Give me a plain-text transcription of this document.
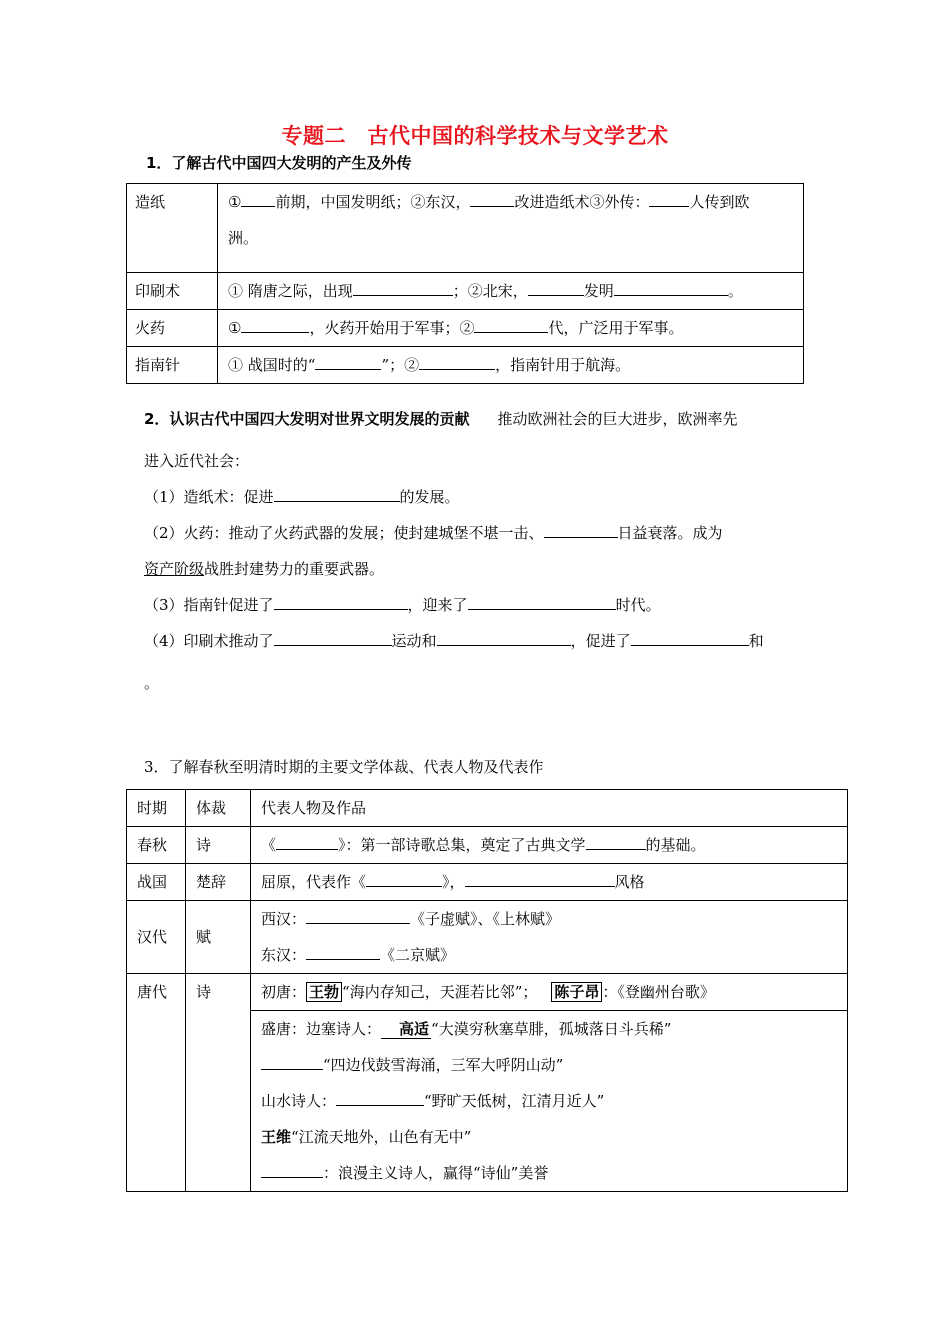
专题二　古代中国的科学技术与文学艺术
1．了解古代中国四大发明的产生及外传
造纸	① 前期，中国发明纸；②东汉， 改进造纸术③外传： 人传到欧
洲。
印刷术	① 隋唐之际，出现 ；②北宋， 发明 。
火药	① ，火药开始用于军事；② 代，广泛用于军事。
指南针	① 战国时的“ ”；② ，指南针用于航海。
2．认识古代中国四大发明对世界文明发展的贡献 推动欧洲社会的巨大进步，欧洲率先
进入近代社会：
（1）造纸术：促进	的发展。
（2）火药：推动了火药武器的发展；使封建城堡不堪一击、	日益衰落。成为
资产阶级战胜封建势力的重要武器。
（3）指南针促进了	，迎来了	时代。
（4）印刷术推动了	运动和	，促进了	和
。
3．了解春秋至明清时期的主要文学体裁、代表人物及代表作
时期	体裁	代表人物及作品
春秋	诗	《 》：第一部诗歌总集，奠定了古典文学 的基础。
战国	楚辞	屈原，代表作《 》， 风格
汉代	赋	西汉： 《子虚赋》、《上林赋》
东汉： 《二京赋》
唐代	诗	初唐： 王勃 “海内存知己，天涯若比邻”； 陈子昂 ：《登幽州台歌》
		盛唐：边塞诗人： 高适 “大漠穷秋塞草腓，孤城落日斗兵稀”
“四边伐鼓雪海涌，三军大呼阴山动”
山水诗人： “野旷天低树，江清月近人”
王维“江流天地外，山色有无中”
：浪漫主义诗人，赢得“诗仙”美誉
